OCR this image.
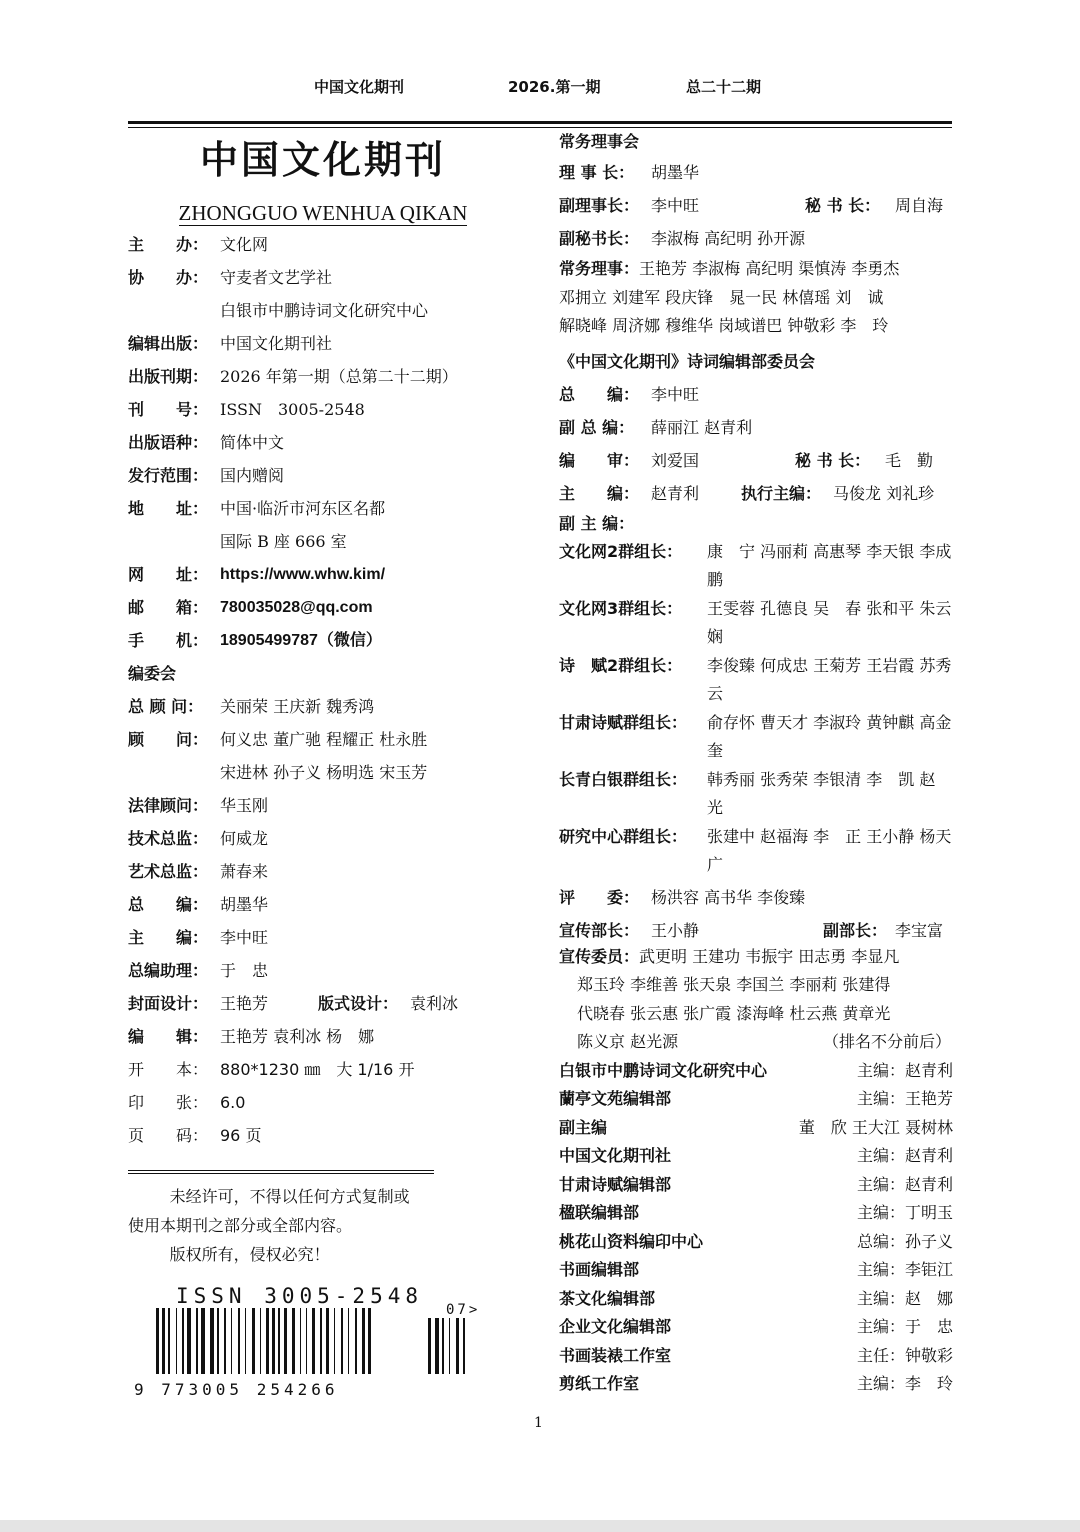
中国文化期刊	2026.第一期	总二十二期
中国文化期刊
ZHONGGUO WENHUA QIKAN
主　　办： 文化网
协　　办： 守麦者文艺学社
白银市中鹏诗词文化研究中心
编辑出版： 中国文化期刊社
出版刊期： 2026 年第一期（总第二十二期）
刊　　号： ISSN　3005-2548
出版语种： 简体中文
发行范围： 国内赠阅
地　　址： 中国·临沂市河东区名都
国际 B 座 666 室
网　　址： https://www.whw.kim/
邮　　箱： 780035028@qq.com
手　　机： 18905499787（微信）
编委会
总 顾 问：	关丽荣 王庆新 魏秀鸿
顾　　问： 何义忠 董广驰 程耀正 杜永胜
宋进林 孙子义 杨明选 宋玉芳
法律顾问： 华玉刚
技术总监： 何威龙
艺术总监： 萧春来
总　　编： 胡墨华
主　　编： 李中旺
总编助理： 于　忠
封面设计： 王艳芳	版式设计： 袁利冰
编　　辑： 王艳芳 袁利冰 杨　娜
开　　本： 880*1230 ㎜　大 1/16 开
印　　张： 6.0
页　　码： 96 页
未经许可，不得以任何方式复制或
使用本期刊之部分或全部内容。
版权所有，侵权必究！
ISSN 3005-2548
07>
9 773005 254266
常务理事会
理 事 长： 胡墨华
副理事长： 李中旺	秘 书 长： 周自海
副秘书长： 李淑梅 高纪明 孙开源
常务理事：王艳芳 李淑梅 高纪明 渠慎涛 李勇杰
邓拥立 刘建军 段庆锋　晁一民 林僖瑶 刘　诚
解晓峰 周济娜 穆维华 岗域谱巴 钟敬彩 李　玲
《中国文化期刊》诗词编辑部委员会
总　　编： 李中旺
副 总 编： 薛丽江 赵青利
编　　审： 刘爱国	秘 书 长： 毛　勤
主　　编： 赵青利	执行主编： 马俊龙 刘礼珍
副 主 编：
文化网2群组长： 康　宁 冯丽莉 高惠琴 李天银 李成鹏
文化网3群组长： 王雯蓉 孔德良 吴　春 张和平 朱云娴
诗　赋2群组长： 李俊臻 何成忠 王菊芳 王岩霞 苏秀云
甘肃诗赋群组长： 俞存怀 曹天才 李淑玲 黄钟麒 高金奎
长青白银群组长： 韩秀丽 张秀荣 李银清 李　凯 赵　光
研究中心群组长： 张建中 赵福海 李　正 王小静 杨天广
评　　委： 杨洪容 高书华 李俊臻
宣传部长： 王小静	副部长： 李宝富
宣传委员：武更明 王建功 韦振宇 田志勇 李显凡
郑玉玲 李维善 张天泉 李国兰 李丽莉 张建得
代晓春 张云惠 张广霞 漆海峰 杜云燕 黄章光
陈义京 赵光源	（排名不分前后）
白银市中鹏诗词文化研究中心	主编：赵青利
蘭亭文苑编辑部	主编：王艳芳
副主编	董　欣 王大江 聂树林
中国文化期刊社	主编：赵青利
甘肃诗赋编辑部	主编：赵青利
楹联编辑部	主编：丁明玉
桃花山资料编印中心	总编：孙子义
书画编辑部	主编：李钜江
茶文化编辑部	主编：赵　娜
企业文化编辑部	主编：于　忠
书画装裱工作室	主任：钟敬彩
剪纸工作室	主编：李　玲
1
